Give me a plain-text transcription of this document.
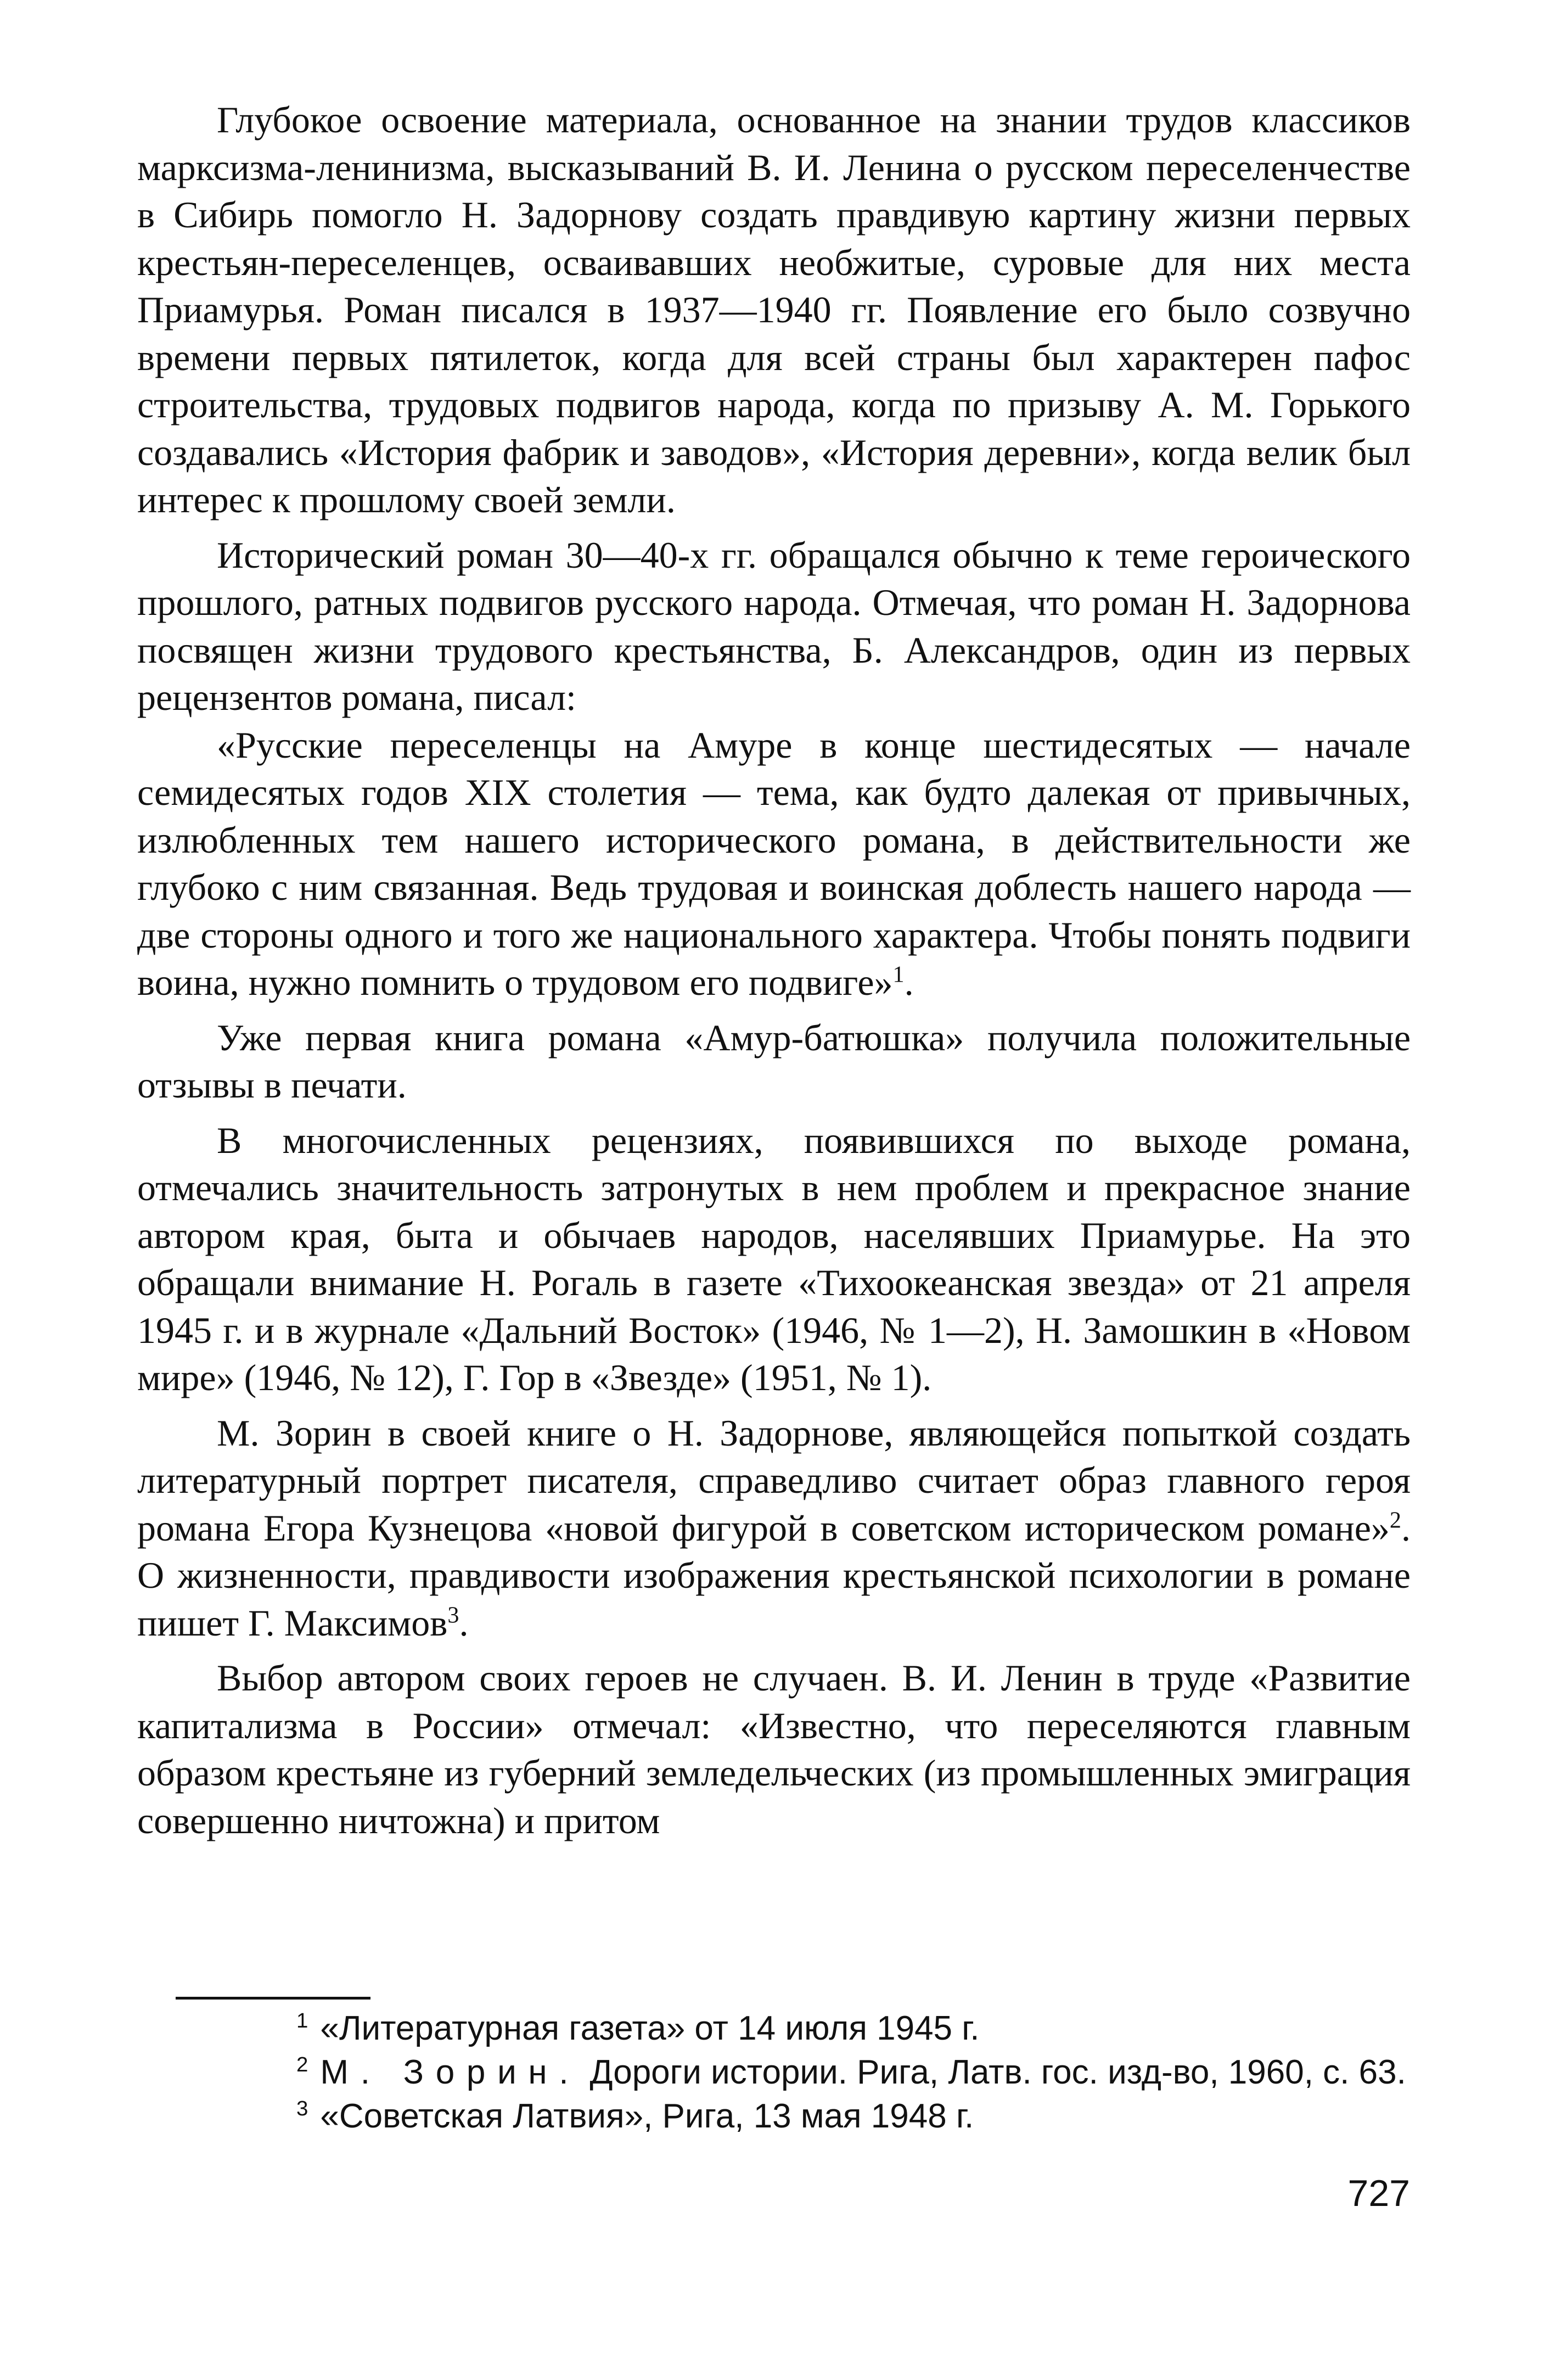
Глубокое освоение материала, основанное на знании трудов классиков марксизма-ленинизма, высказываний В. И. Ленина о русском переселенчестве в Сибирь помогло Н. Задорнову создать правдивую картину жизни первых крестьян-переселенцев, осваивавших необжитые, суровые для них места Приамурья. Роман писался в 1937—1940 гг. Появление его было созвучно времени первых пятилеток, когда для всей страны был характерен пафос строительства, трудовых подвигов народа, когда по призыву А. М. Горького создавались «История фабрик и заводов», «История деревни», когда велик был интерес к прошлому своей земли.

Исторический роман 30—40-х гг. обращался обычно к теме героического прошлого, ратных подвигов русского народа. Отмечая, что роман Н. Задорнова посвящен жизни трудового крестьянства, Б. Александров, один из первых рецензентов романа, писал:

«Русские переселенцы на Амуре в конце шестидесятых — начале семидесятых годов XIX столетия — тема, как будто далекая от привычных, излюбленных тем нашего исторического романа, в действительности же глубоко с ним связанная. Ведь трудовая и воинская доблесть нашего народа — две стороны одного и того же национального характера. Чтобы понять подвиги воина, нужно помнить о трудовом его подвиге»$^1$.

Уже первая книга романа «Амур-батюшка» получила положительные отзывы в печати.

В многочисленных рецензиях, появившихся по выходе романа, отмечались значительность затронутых в нем проблем и прекрасное знание автором края, быта и обычаев народов, населявших Приамурье. На это обращали внимание Н. Рогаль в газете «Тихоокеанская звезда» от 21 апреля 1945 г. и в журнале «Дальний Восток» (1946, № 1—2), Н. Замошкин в «Новом мире» (1946, № 12), Г. Гор в «Звезде» (1951, № 1).

М. Зорин в своей книге о Н. Задорнове, являющейся попыткой создать литературный портрет писателя, справедливо считает образ главного героя романа Егора Кузнецова «новой фигурой в советском историческом романе»$^2$. О жизненности, правдивости изображения крестьянской психологии в романе пишет Г. Максимов$^3$.

Выбор автором своих героев не случаен. В. И. Ленин в труде «Развитие капитализма в России» отмечал: «Известно, что переселяются главным образом крестьяне из губерний земледельческих (из промышленных эмиграция совершенно ничтожна) и притом

1 «Литературная газета» от 14 июля 1945 г.

2 М. Зорин. Дороги истории. Рига, Латв. гос. изд-во, 1960, с. 63.

3 «Советская Латвия», Рига, 13 мая 1948 г.

727
